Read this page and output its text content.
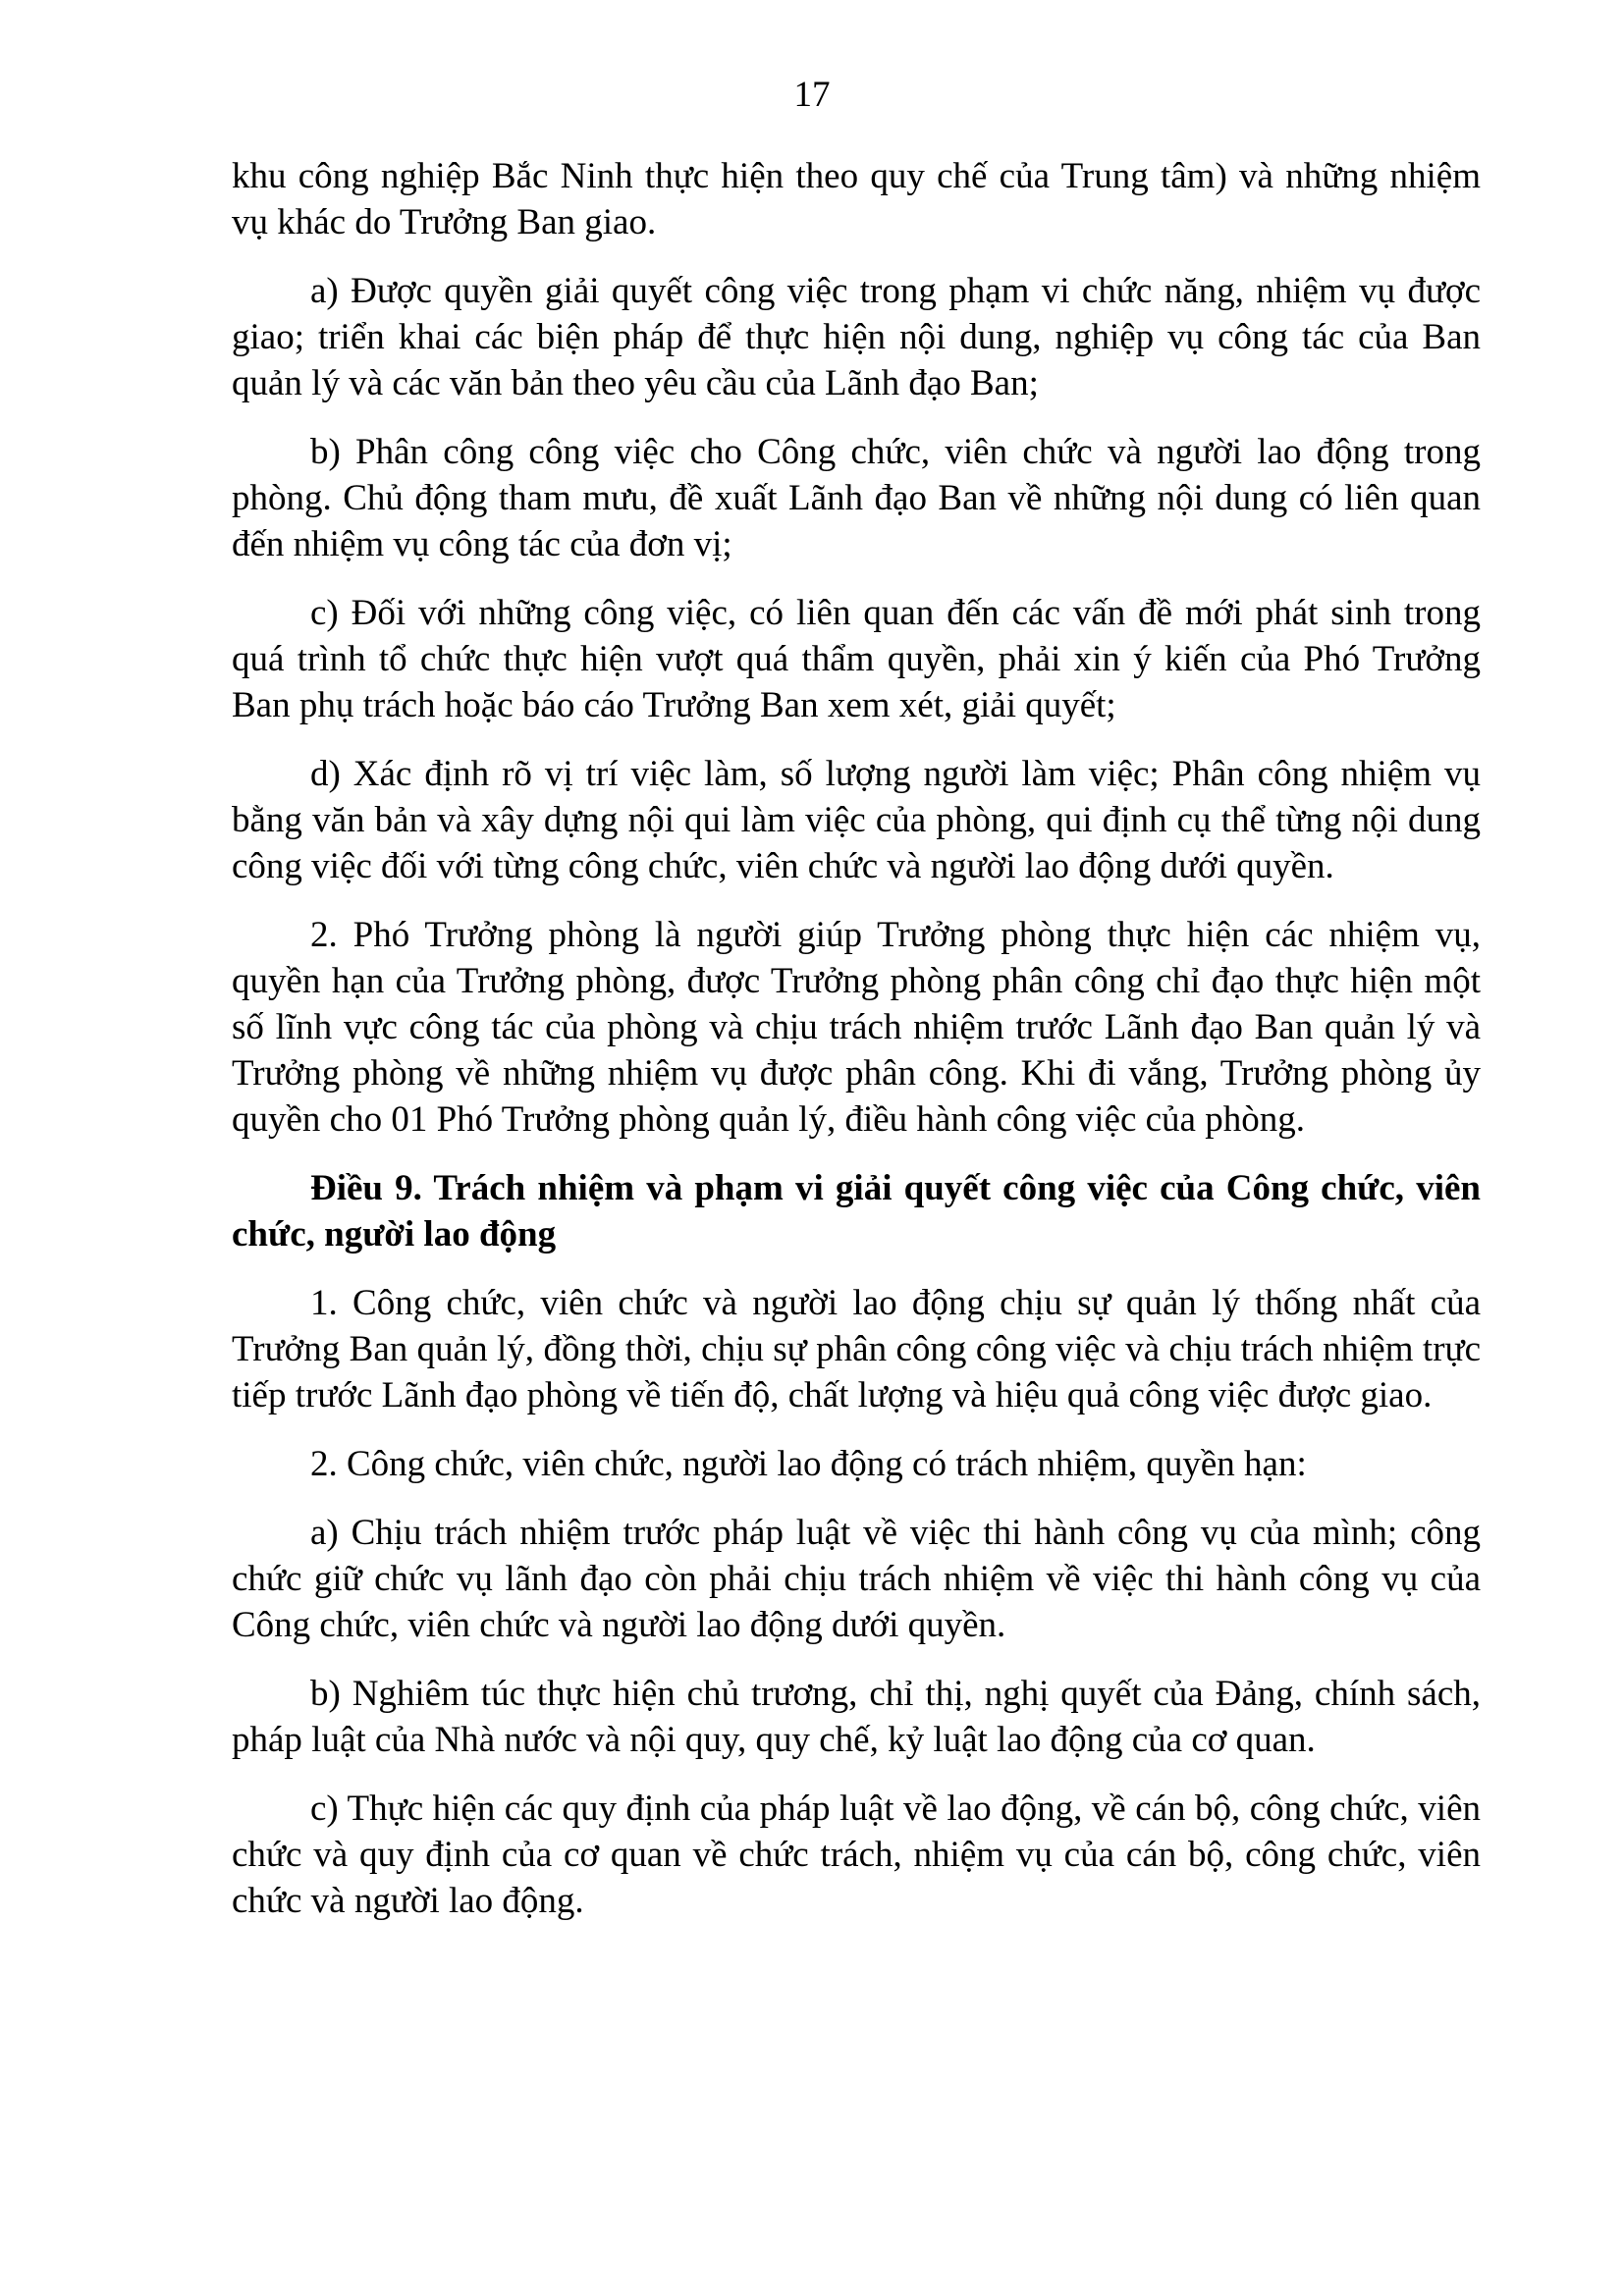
17

khu công nghiệp Bắc Ninh thực hiện theo quy chế của Trung tâm) và những nhiệm vụ khác do Trưởng Ban giao.

a) Được quyền giải quyết công việc trong phạm vi chức năng, nhiệm vụ được giao; triển khai các biện pháp để thực hiện nội dung, nghiệp vụ công tác của Ban quản lý và các văn bản theo yêu cầu của Lãnh đạo Ban;

b) Phân công công việc cho Công chức, viên chức và người lao động trong phòng. Chủ động tham mưu, đề xuất Lãnh đạo Ban về những nội dung có liên quan đến nhiệm vụ công tác của đơn vị;

c) Đối với những công việc, có liên quan đến các vấn đề mới phát sinh trong quá trình tổ chức thực hiện vượt quá thẩm quyền, phải xin ý kiến của Phó Trưởng Ban phụ trách hoặc báo cáo Trưởng Ban xem xét, giải quyết;

d) Xác định rõ vị trí việc làm, số lượng người làm việc; Phân công nhiệm vụ bằng văn bản và xây dựng nội qui làm việc của phòng, qui định cụ thể từng nội dung công việc đối với từng công chức, viên chức và người lao động dưới quyền.

2. Phó Trưởng phòng là người giúp Trưởng phòng thực hiện các nhiệm vụ, quyền hạn của Trưởng phòng, được Trưởng phòng phân công chỉ đạo thực hiện một số lĩnh vực công tác của phòng và chịu trách nhiệm trước Lãnh đạo Ban quản lý và Trưởng phòng về những nhiệm vụ được phân công. Khi đi vắng, Trưởng phòng ủy quyền cho 01 Phó Trưởng phòng quản lý, điều hành công việc của phòng.

Điều 9. Trách nhiệm và phạm vi giải quyết công việc của Công chức, viên chức, người lao động

1. Công chức, viên chức và người lao động chịu sự quản lý thống nhất của Trưởng Ban quản lý, đồng thời, chịu sự phân công công việc và chịu trách nhiệm trực tiếp trước Lãnh đạo phòng về tiến độ, chất lượng và hiệu quả công việc được giao.

2. Công chức, viên chức, người lao động có trách nhiệm, quyền hạn:

a) Chịu trách nhiệm trước pháp luật về việc thi hành công vụ của mình; công chức giữ chức vụ lãnh đạo còn phải chịu trách nhiệm về việc thi hành công vụ của Công chức, viên chức và người lao động dưới quyền.

b) Nghiêm túc thực hiện chủ trương, chỉ thị, nghị quyết của Đảng, chính sách, pháp luật của Nhà nước và nội quy, quy chế, kỷ luật lao động của cơ quan.

c) Thực hiện các quy định của pháp luật về lao động, về cán bộ, công chức, viên chức và quy định của cơ quan về chức trách, nhiệm vụ của cán bộ, công chức, viên chức và người lao động.
